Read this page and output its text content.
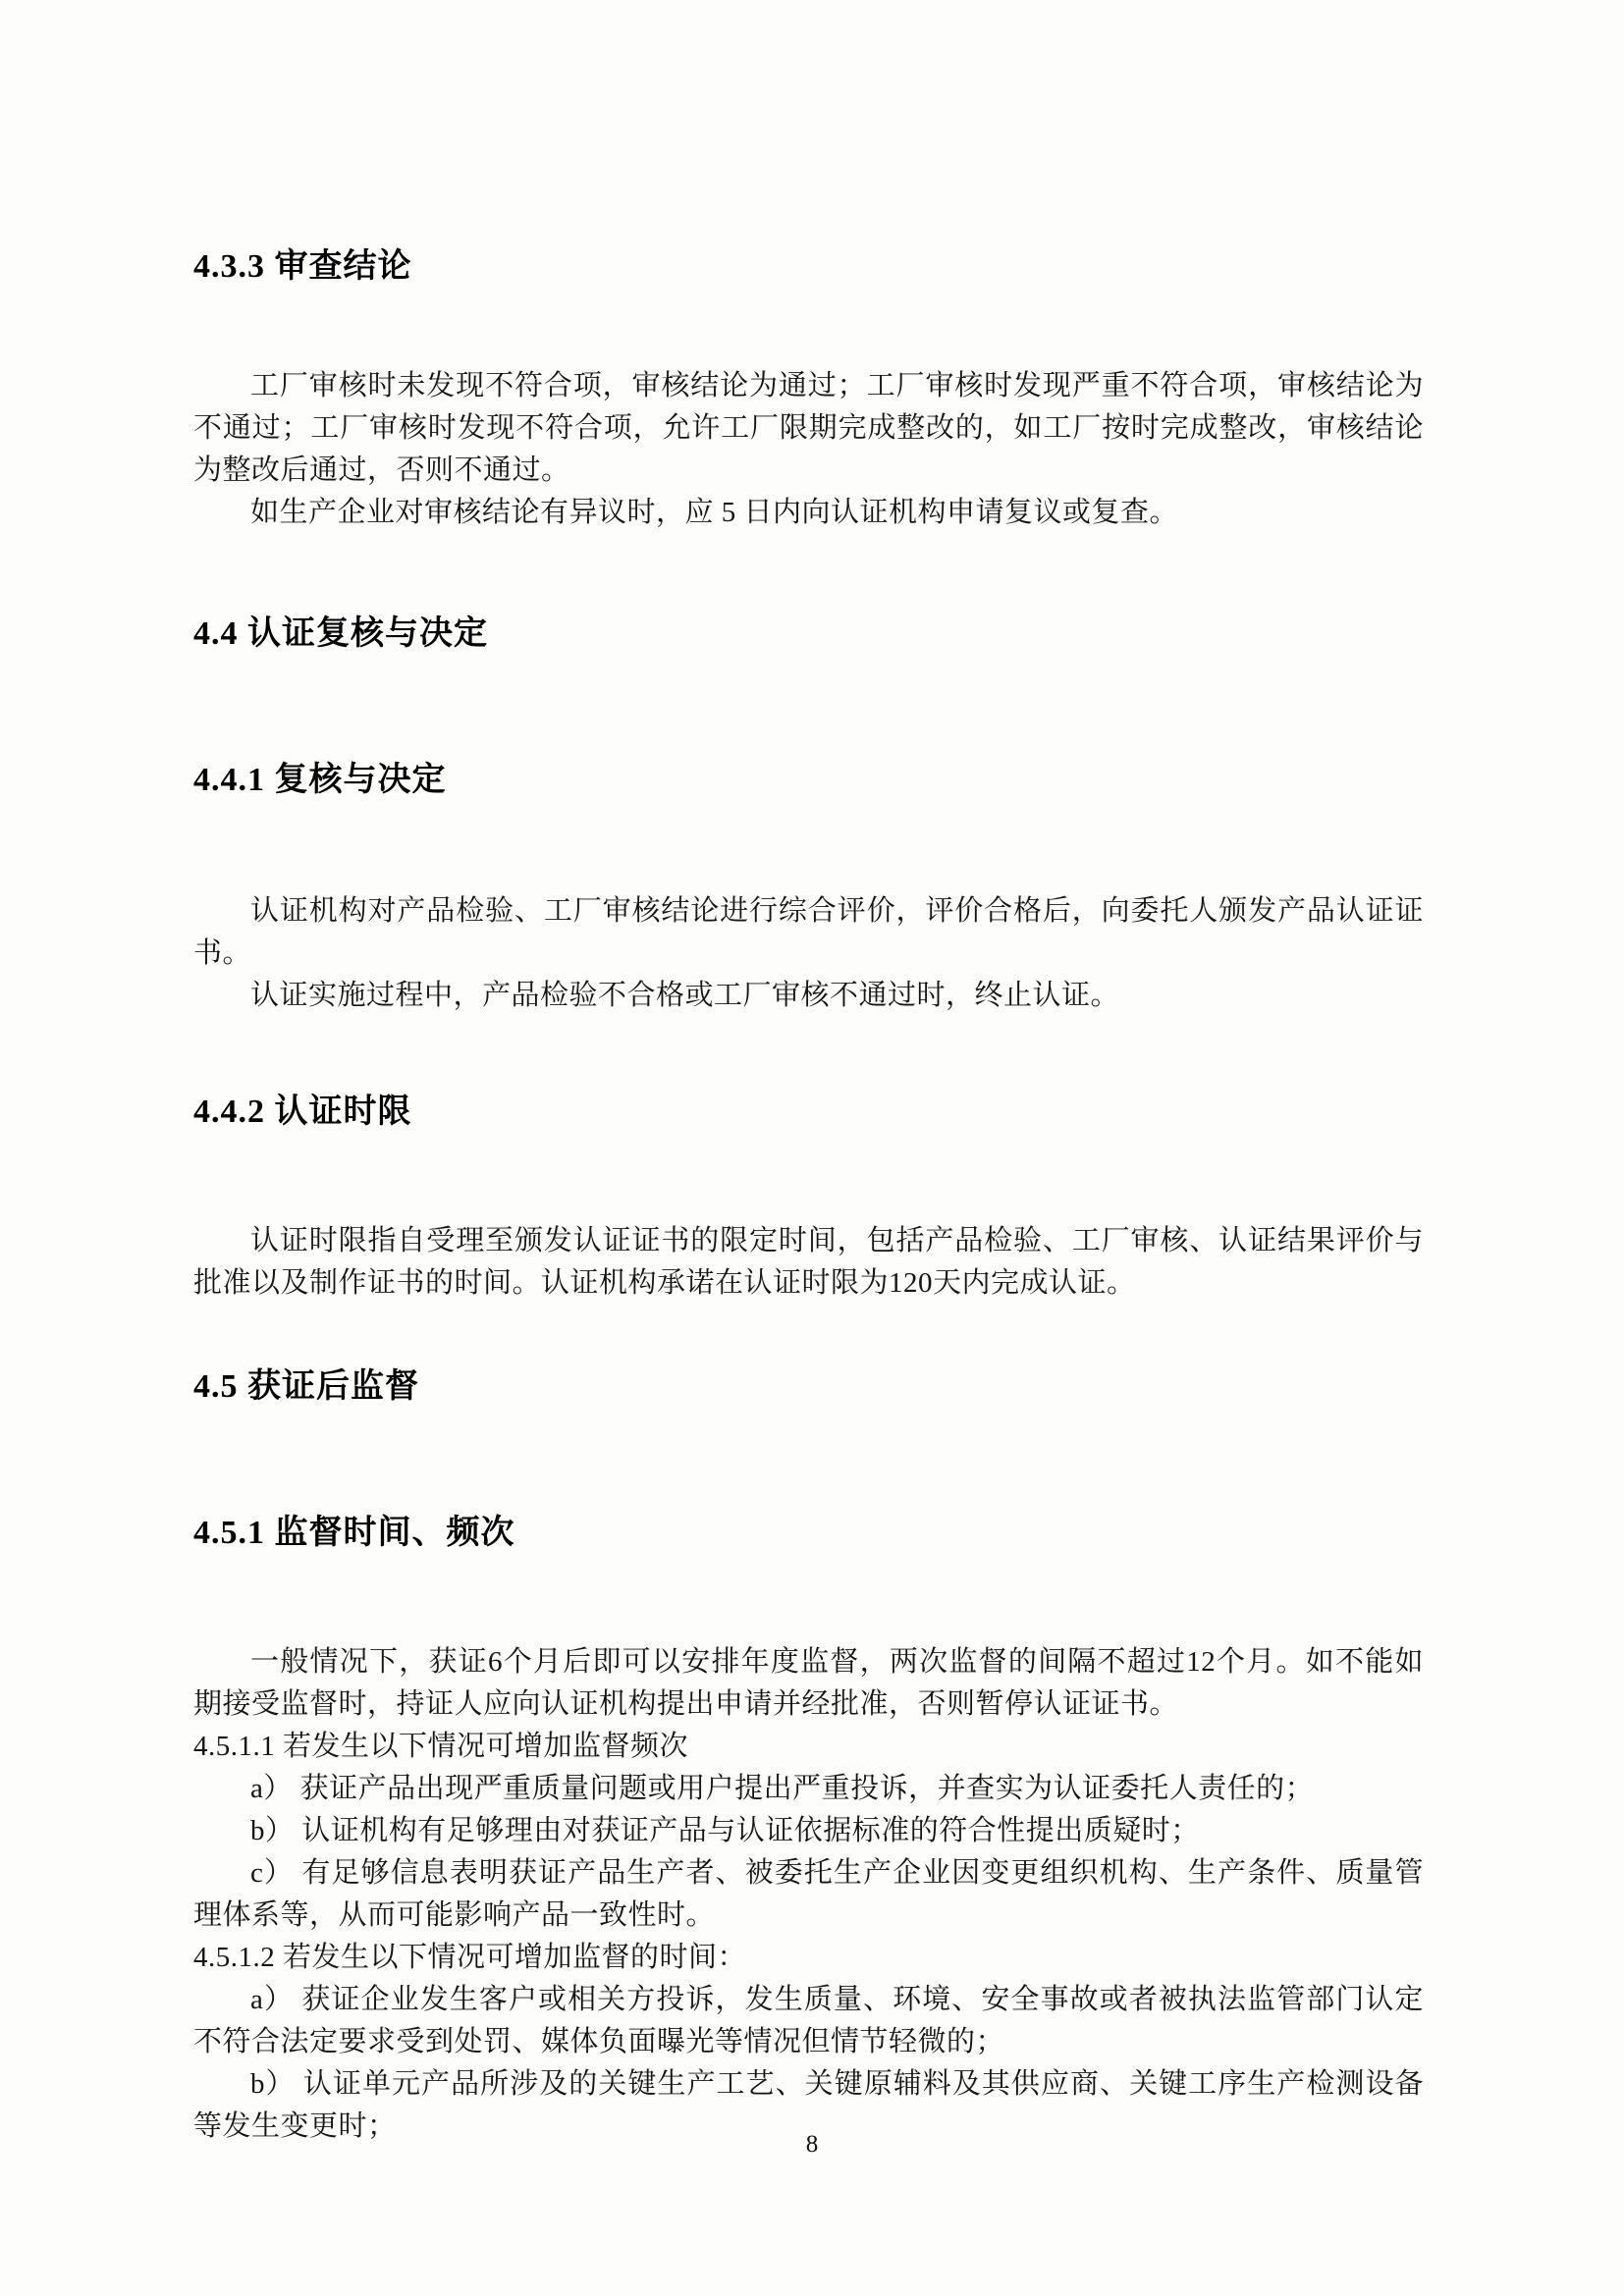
4.3.3 审查结论

工厂审核时未发现不符合项，审核结论为通过；工厂审核时发现严重不符合项，审核结论为不通过；工厂审核时发现不符合项，允许工厂限期完成整改的，如工厂按时完成整改，审核结论为整改后通过，否则不通过。

如生产企业对审核结论有异议时，应 5 日内向认证机构申请复议或复查。

4.4 认证复核与决定
4.4.1 复核与决定

认证机构对产品检验、工厂审核结论进行综合评价，评价合格后，向委托人颁发产品认证证书。

认证实施过程中，产品检验不合格或工厂审核不通过时，终止认证。

4.4.2 认证时限

认证时限指自受理至颁发认证证书的限定时间，包括产品检验、工厂审核、认证结果评价与批准以及制作证书的时间。认证机构承诺在认证时限为120天内完成认证。

4.5 获证后监督
4.5.1 监督时间、频次

一般情况下，获证6个月后即可以安排年度监督，两次监督的间隔不超过12个月。如不能如期接受监督时，持证人应向认证机构提出申请并经批准，否则暂停认证证书。

4.5.1.1 若发生以下情况可增加监督频次

a） 获证产品出现严重质量问题或用户提出严重投诉，并查实为认证委托人责任的；

b） 认证机构有足够理由对获证产品与认证依据标准的符合性提出质疑时；

c） 有足够信息表明获证产品生产者、被委托生产企业因变更组织机构、生产条件、质量管理体系等，从而可能影响产品一致性时。

4.5.1.2 若发生以下情况可增加监督的时间：

a） 获证企业发生客户或相关方投诉，发生质量、环境、安全事故或者被执法监管部门认定不符合法定要求受到处罚、媒体负面曝光等情况但情节轻微的；

b） 认证单元产品所涉及的关键生产工艺、关键原辅料及其供应商、关键工序生产检测设备等发生变更时；

8
